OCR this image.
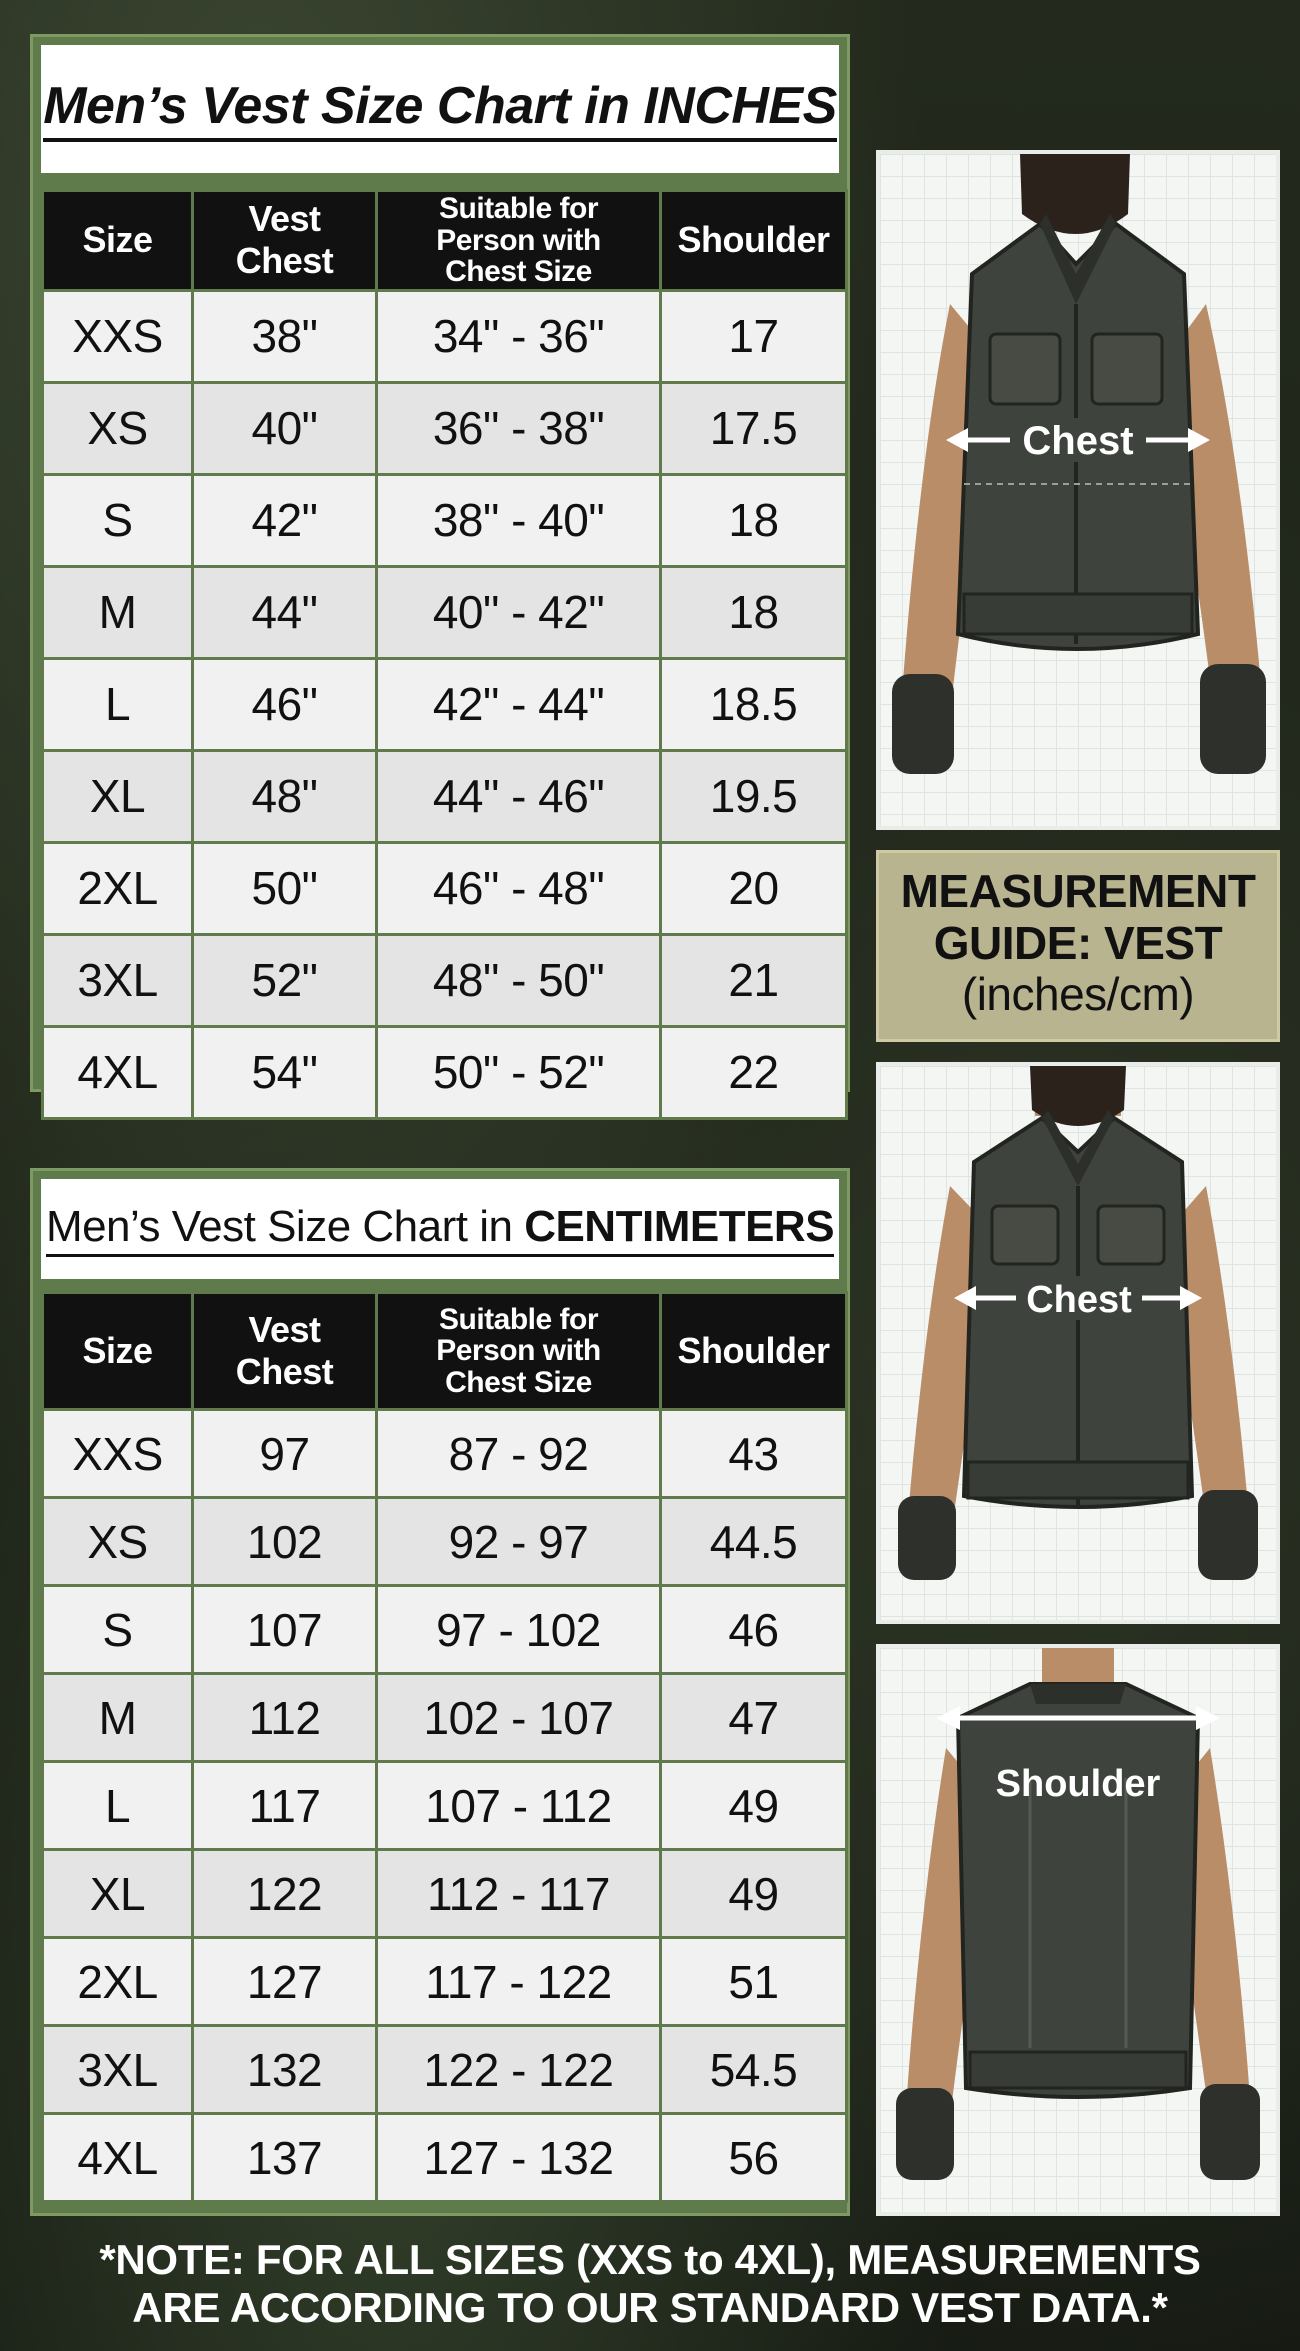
Men’s Vest Size Chart in INCHES
Size	Vest Chest	Suitable for Person with Chest Size	Shoulder
XXS	38"	34" - 36"	17
XS	40"	36" - 38"	17.5
S	42"	38" - 40"	18
M	44"	40" - 42"	18
L	46"	42" - 44"	18.5
XL	48"	44" - 46"	19.5
2XL	50"	46" - 48"	20
3XL	52"	48" - 50"	21
4XL	54"	50" - 52"	22
Men’s Vest Size Chart in CENTIMETERS
Size	Vest Chest	Suitable for Person with Chest Size	Shoulder
XXS	97	87 - 92	43
XS	102	92 - 97	44.5
S	107	97 - 102	46
M	112	102 - 107	47
L	117	107 - 112	49
XL	122	112 - 117	49
2XL	127	117 - 122	51
3XL	132	122 - 122	54.5
4XL	137	127 - 132	56
Chest
MEASUREMENT
GUIDE: VEST
(inches/cm)
Chest
Shoulder
*NOTE: FOR ALL SIZES (XXS to 4XL), MEASUREMENTS
ARE ACCORDING TO OUR STANDARD VEST DATA.*
